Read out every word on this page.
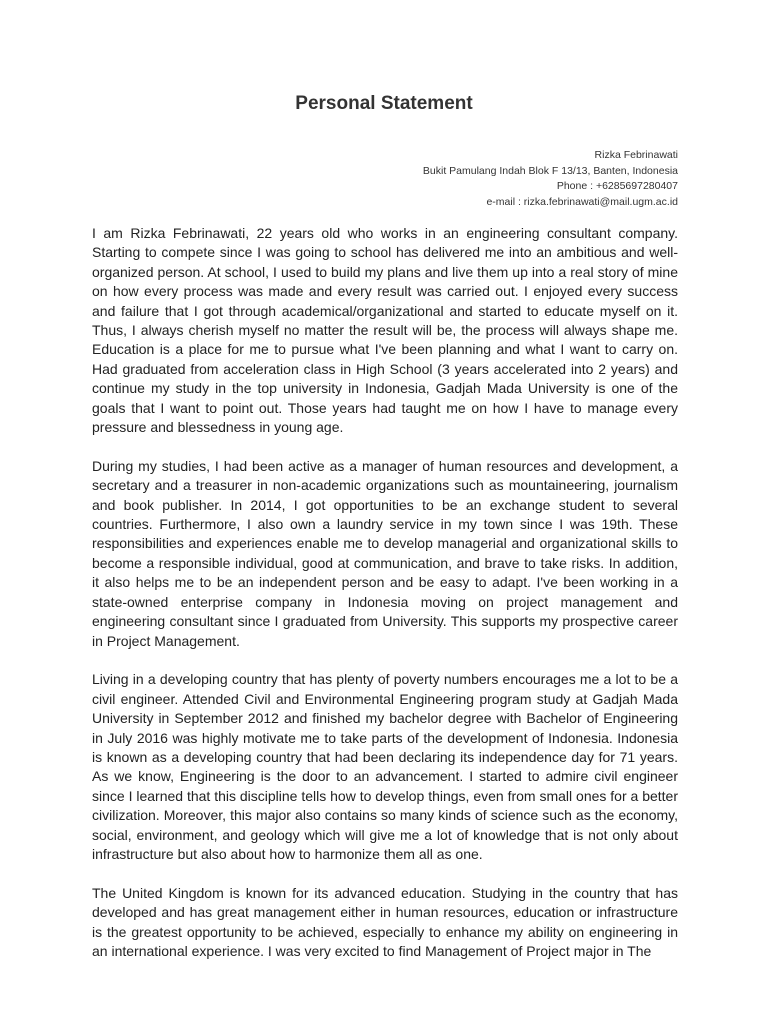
Personal Statement
Rizka Febrinawati
Bukit Pamulang Indah Blok F 13/13, Banten, Indonesia
Phone : +6285697280407
e-mail : rizka.febrinawati@mail.ugm.ac.id

I am Rizka Febrinawati, 22 years old who works in an engineering consultant company. Starting to compete since I was going to school has delivered me into an ambitious and well-organized person. At school, I used to build my plans and live them up into a real story of mine on how every process was made and every result was carried out. I enjoyed every success and failure that I got through academical/organizational and started to educate myself on it. Thus, I always cherish myself no matter the result will be, the process will always shape me. Education is a place for me to pursue what I've been planning and what I want to carry on. Had graduated from acceleration class in High School (3 years accelerated into 2 years) and continue my study in the top university in Indonesia, Gadjah Mada University is one of the goals that I want to point out. Those years had taught me on how I have to manage every pressure and blessedness in young age.

During my studies, I had been active as a manager of human resources and development, a secretary and a treasurer in non-academic organizations such as mountaineering, journalism and book publisher. In 2014, I got opportunities to be an exchange student to several countries. Furthermore, I also own a laundry service in my town since I was 19th. These responsibilities and experiences enable me to develop managerial and organizational skills to become a responsible individual, good at communication, and brave to take risks. In addition, it also helps me to be an independent person and be easy to adapt. I've been working in a state-owned enterprise company in Indonesia moving on project management and engineering consultant since I graduated from University. This supports my prospective career in Project Management.

Living in a developing country that has plenty of poverty numbers encourages me a lot to be a civil engineer. Attended Civil and Environmental Engineering program study at Gadjah Mada University in September 2012 and finished my bachelor degree with Bachelor of Engineering in July 2016 was highly motivate me to take parts of the development of Indonesia. Indonesia is known as a developing country that had been declaring its independence day for 71 years. As we know, Engineering is the door to an advancement. I started to admire civil engineer since I learned that this discipline tells how to develop things, even from small ones for a better civilization. Moreover, this major also contains so many kinds of science such as the economy, social, environment, and geology which will give me a lot of knowledge that is not only about infrastructure but also about how to harmonize them all as one.

The United Kingdom is known for its advanced education. Studying in the country that has developed and has great management either in human resources, education or infrastructure is the greatest opportunity to be achieved, especially to enhance my ability on engineering in an international experience. I was very excited to find Management of Project major in The
